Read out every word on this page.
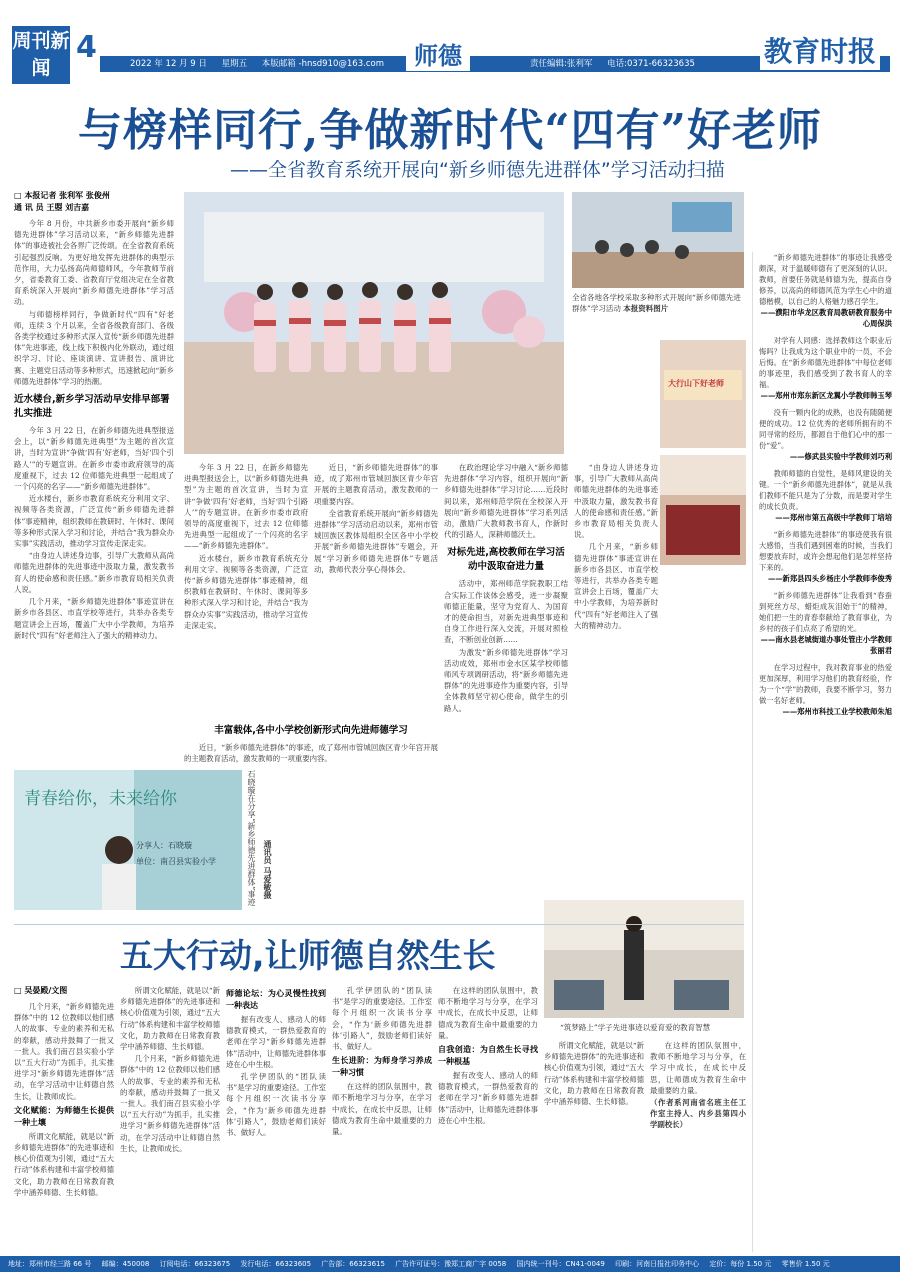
周刊新闻
4	2022 年 12 月 9 日 星期五 本版邮箱 -hnsd910@163.com	责任编辑:张利军 电话:0371-66323635
师德	教育时报
与榜样同行,争做新时代“四有”好老师
——全省教育系统开展向“新乡师德先进群体”学习活动扫描
□ 本报记者 张利军 张俊州
通 讯 员 王曌 刘吉嘉

今年 8 月份，中共新乡市委开展向“新乡师德先进群体”学习活动以来，“新乡师德先进群体”的事迹被社会各界广泛传颂。在全省教育系统引起强烈反响。为更好地发挥先进群体的典型示范作用，大力弘扬高尚师德师风，今年教师节前夕，省委教育工委、省教育厅党组决定在全省教育系统深入开展向“新乡师德先进群体”学习活动。

与师德榜样同行，争做新时代“四有”好老师，连续 3 个月以来，全省各级教育部门、各级各类学校通过多种形式深入宣传“新乡师德先进群体”先进事迹，线上线下积极内化外联动，通过组织学习、讨论、座谈演讲、宣讲报告、演讲比赛、主题党日活动等多种形式，迅速掀起向“新乡师德先进群体”学习的热潮。

近水楼台,新乡学习活动早安排早部署扎实推进

今年 3 月 22 日，在新乡师德先进典型报送会上，以“新乡师德先进典型”为主题的首次宣讲，当时为宣讲“争做‘四有’好老师，当好‘四个引路人’”的专题宣讲。在新乡市委市政府领导的高度重视下，过去 12 位师德先进典型一起组成了一个闪亮的名字——“新乡师德先进群体”。

近水楼台，新乡市教育系统充分利用文字、视频等各类资源，广泛宣传“新乡师德先进群体”事迹精神，组织教师在教研时、午休时、课间等多种形式深入学习和讨论，并结合“我为群众办实事”实践活动，推动学习宣传走深走实。

“由身边人讲述身边事，引导广大教师从高尚师德先进群体的先进事迹中汲取力量，激发教书育人的使命感和责任感。”新乡市教育局相关负责人说。

几个月来，“新乡师德先进群体”事迹宣讲在新乡市各县区、市直学校等进行，共举办各类专题宣讲会上百场，覆盖广大中小学教师，为培养新时代“四有”好老师注入了强大的精神动力。

全省各地各学校采取多种形式开展向“新乡师德先进群体”学习活动 本报资料图片
大行山下好老师

今年 3 月 22 日，在新乡师德先进典型报送会上，以“新乡师德先进典型”为主题的首次宣讲，当时为宣讲“争做‘四有’好老师，当好‘四个引路人’”的专题宣讲。在新乡市委市政府领导的高度重视下，过去 12 位师德先进典型一起组成了一个闪亮的名字——“新乡师德先进群体”。

近水楼台，新乡市教育系统充分利用文字、视频等各类资源，广泛宣传“新乡师德先进群体”事迹精神，组织教师在教研时、午休时、课间等多种形式深入学习和讨论，并结合“我为群众办实事”实践活动，推动学习宣传走深走实。

近日，“新乡师德先进群体”的事迹，成了郑州市管城回族区青少年宫开展的主题教育活动，激发教师的一项重要内容。

全省教育系统开展向“新乡师德先进群体”学习活动启动以来，郑州市管城回族区教体局组织全区各中小学校开展“新乡师德先进群体”专题会，开展“学习新乡师德先进群体”专题活动，教师代表分享心得体会。

在政治理论学习中融入“新乡师德先进群体”学习内容，组织开展向“新乡师德先进群体”学习讨论……近段时间以来，郑州师范学院在全校深入开展向“新乡师德先进群体”学习系列活动，激励广大教师教书育人，作新时代的引路人，深耕师德沃土。

对标先进,高校教师在学习活动中汲取奋进力量

活动中，郑州师范学院教职工结合实际工作谈体会感受，进一步凝聚师德正能量，坚守为党育人、为国育才的使命担当，对新先进典型事迹和自身工作进行深入交流，开展对照检查，不断创业创新……

为激发“新乡师德先进群体”学习活动成效，郑州市金水区某学校师德师风专项调研活动，将“新乡师德先进群体”的先进事迹作为重要内容，引导全体教师坚守初心使命，做学生的引路人。

“由身边人讲述身边事，引导广大教师从高尚师德先进群体的先进事迹中汲取力量，激发教书育人的使命感和责任感。”新乡市教育局相关负责人说。

几个月来，“新乡师德先进群体”事迹宣讲在新乡市各县区、市直学校等进行，共举办各类专题宣讲会上百场，覆盖广大中小学教师，为培养新时代“四有”好老师注入了强大的精神动力。

丰富载体,各中小学校创新形式向先进师德学习

近日，“新乡师德先进群体”的事迹，成了郑州市管城回族区青少年宫开展的主题教育活动，激发教师的一项重要内容。

青春给你，未来给你
分享人：石晓璇
单位：南召县实验小学	石晓璇在分享“新乡师德先进群体”事迹 通讯员 马爱敏摄
五大行动,让师德自然生长
□ 吴晏殿/文图

几个月来，“新乡师德先进群体”中的 12 位教师以他们感人的故事、专业的素养和无私的奉献，感动并鼓舞了一批又一批人。我们南召县实验小学以“五大行动”为抓手，扎实推进学习“新乡师德先进群体”活动，在学习活动中让师德自然生长，让教师成长。

文化赋能：为师德生长提供一种土壤

所谓文化赋能，就是以“新乡师德先进群体”的先进事迹和核心价值观为引领，通过“五大行动”体系构建和丰富学校师德文化，助力教师在日常教育教学中涵养师德、生长师德。

所谓文化赋能，就是以“新乡师德先进群体”的先进事迹和核心价值观为引领，通过“五大行动”体系构建和丰富学校师德文化，助力教师在日常教育教学中涵养师德、生长师德。

几个月来，“新乡师德先进群体”中的 12 位教师以他们感人的故事、专业的素养和无私的奉献，感动并鼓舞了一批又一批人。我们南召县实验小学以“五大行动”为抓手，扎实推进学习“新乡师德先进群体”活动，在学习活动中让师德自然生长，让教师成长。

师德论坛：为心灵慢性找到一种表达

握有改变人、感动人的师德教育模式，一群热爱教育的老师在学习“新乡师德先进群体”活动中，让师德先进群体事迹在心中生根。

孔学伊团队的“团队读书”是学习的重要途径。工作室每个月组织一次读书分享会，“作为‘新乡师德先进群体’引路人”，鼓励老师们读好书、做好人。

孔学伊团队的“团队读书”是学习的重要途径。工作室每个月组织一次读书分享会，“作为‘新乡师德先进群体’引路人”，鼓励老师们读好书、做好人。

生长进阶：为师身学习养成一种习惯

在这样的团队氛围中，教师不断地学习与分享，在学习中成长，在成长中反思，让师德成为教育生命中最重要的力量。

在这样的团队氛围中，教师不断地学习与分享，在学习中成长，在成长中反思，让师德成为教育生命中最重要的力量。

自我创造：为自然生长寻找一种根基

握有改变人、感动人的师德教育模式，一群热爱教育的老师在学习“新乡师德先进群体”活动中，让师德先进群体事迹在心中生根。

“筑梦路上”学子先进事迹以爱育爱的教育智慧

所谓文化赋能，就是以“新乡师德先进群体”的先进事迹和核心价值观为引领，通过“五大行动”体系构建和丰富学校师德文化，助力教师在日常教育教学中涵养师德、生长师德。

在这样的团队氛围中，教师不断地学习与分享，在学习中成长，在成长中反思，让师德成为教育生命中最重要的力量。

（作者系河南省名班主任工作室主持人、内乡县第四小学副校长）

“新乡师德先进群体”的事迹让我感受颇深，对于温暖师德有了更深刻的认识。教师，首要任务就是师德为先，提高自身修养，以高尚的师德风范为学生心中的道德楷模，以自己的人格魅力感召学生。

——濮阳市华龙区教育局教研教育服务中心周保洪

对学有人同感：选择教师这个职业后悔吗？让我成为这个职业中的一员，不会后悔。在“新乡师德先进群体”中每位老师的事迹里，我们感受到了教书育人的幸福。

——郑州市郑东新区龙翼小学教师韩玉琴

没有一颗内化的成熟，也没有随随便便的成功。12 位优秀的老师所拥有的不同寻常的经历，都源自于他们心中的那一份“爱”。

——修武县实验中学教师刘巧利

教师师德的自觉性，是师风建设的关键。一个“新乡师德先进群体”，就是从我们教师不能只是为了分数，而是要对学生的成长负责。

——郑州市第五高级中学教师丁培培

“新乡师德先进群体”的事迹使我有很大感悟，当我们遇到困难的时候，当我们想要放弃时，或许会想起他们是怎样坚持下来的。

——新郑县四头乡杨庄小学教师李俊秀

“新乡师德先进群体”让我看到“春蚕到死丝方尽，蜡炬成灰泪始干”的精神，她们把一生的青春奉献给了教育事业，为乡村的孩子们点亮了希望的光。

——南水县老城街道办事处管庄小学教师张丽君

在学习过程中，我对教育事业的热爱更加深厚，利用学习他们的教育经验，作为一个“学”的教师，我要不断学习，努力做一名好老师。

——郑州市科技工业学校教师朱旭
地址：郑州市经三路 66 号 邮编：450008 订阅电话：66323675 发行电话：66323605 广告部：66323615 广告许可证号：豫郑工商广字 0058 国内统一刊号：CN41-0049 印刷：河南日报社印务中心 定价：每份 1.50 元 零售价 1.50 元
